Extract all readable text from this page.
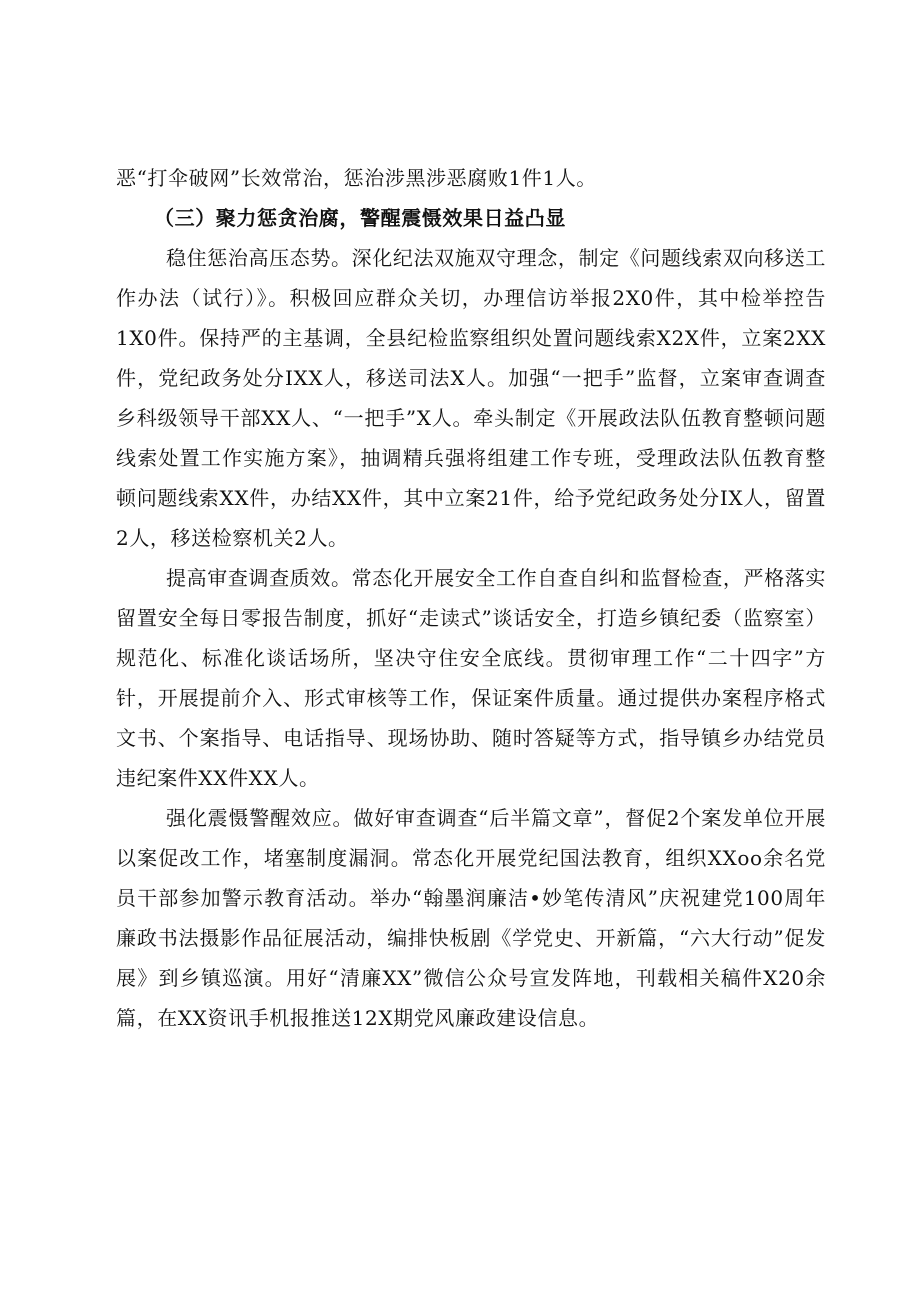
恶“打伞破网”长效常治，惩治涉黑涉恶腐败1件1人。

（三）聚力惩贪治腐，警醒震慑效果日益凸显

稳住惩治高压态势。深化纪法双施双守理念，制定《问题线索双向移送工作办法（试行）》。积极回应群众关切，办理信访举报2X0件，其中检举控告1X0件。保持严的主基调，全县纪检监察组织处置问题线索X2X件，立案2XX件，党纪政务处分IXX人，移送司法X人。加强“一把手”监督，立案审查调查乡科级领导干部XX人、“一把手”X人。牵头制定《开展政法队伍教育整顿问题线索处置工作实施方案》，抽调精兵强将组建工作专班，受理政法队伍教育整顿问题线索XX件，办结XX件，其中立案21件，给予党纪政务处分IX人，留置2人，移送检察机关2人。

提高审查调查质效。常态化开展安全工作自查自纠和监督检查，严格落实留置安全每日零报告制度，抓好“走读式”谈话安全，打造乡镇纪委（监察室）规范化、标准化谈话场所，坚决守住安全底线。贯彻审理工作“二十四字”方针，开展提前介入、形式审核等工作，保证案件质量。通过提供办案程序格式文书、个案指导、电话指导、现场协助、随时答疑等方式，指导镇乡办结党员违纪案件XX件XX人。

强化震慑警醒效应。做好审查调查“后半篇文章”，督促2个案发单位开展以案促改工作，堵塞制度漏洞。常态化开展党纪国法教育，组织XXoo余名党员干部参加警示教育活动。举办“翰墨润廉洁•妙笔传清风”庆祝建党100周年廉政书法摄影作品征展活动，编排快板剧《学党史、开新篇，“六大行动”促发展》到乡镇巡演。用好“清廉XX”微信公众号宣发阵地，刊载相关稿件X20余篇，在XX资讯手机报推送12X期党风廉政建设信息。
